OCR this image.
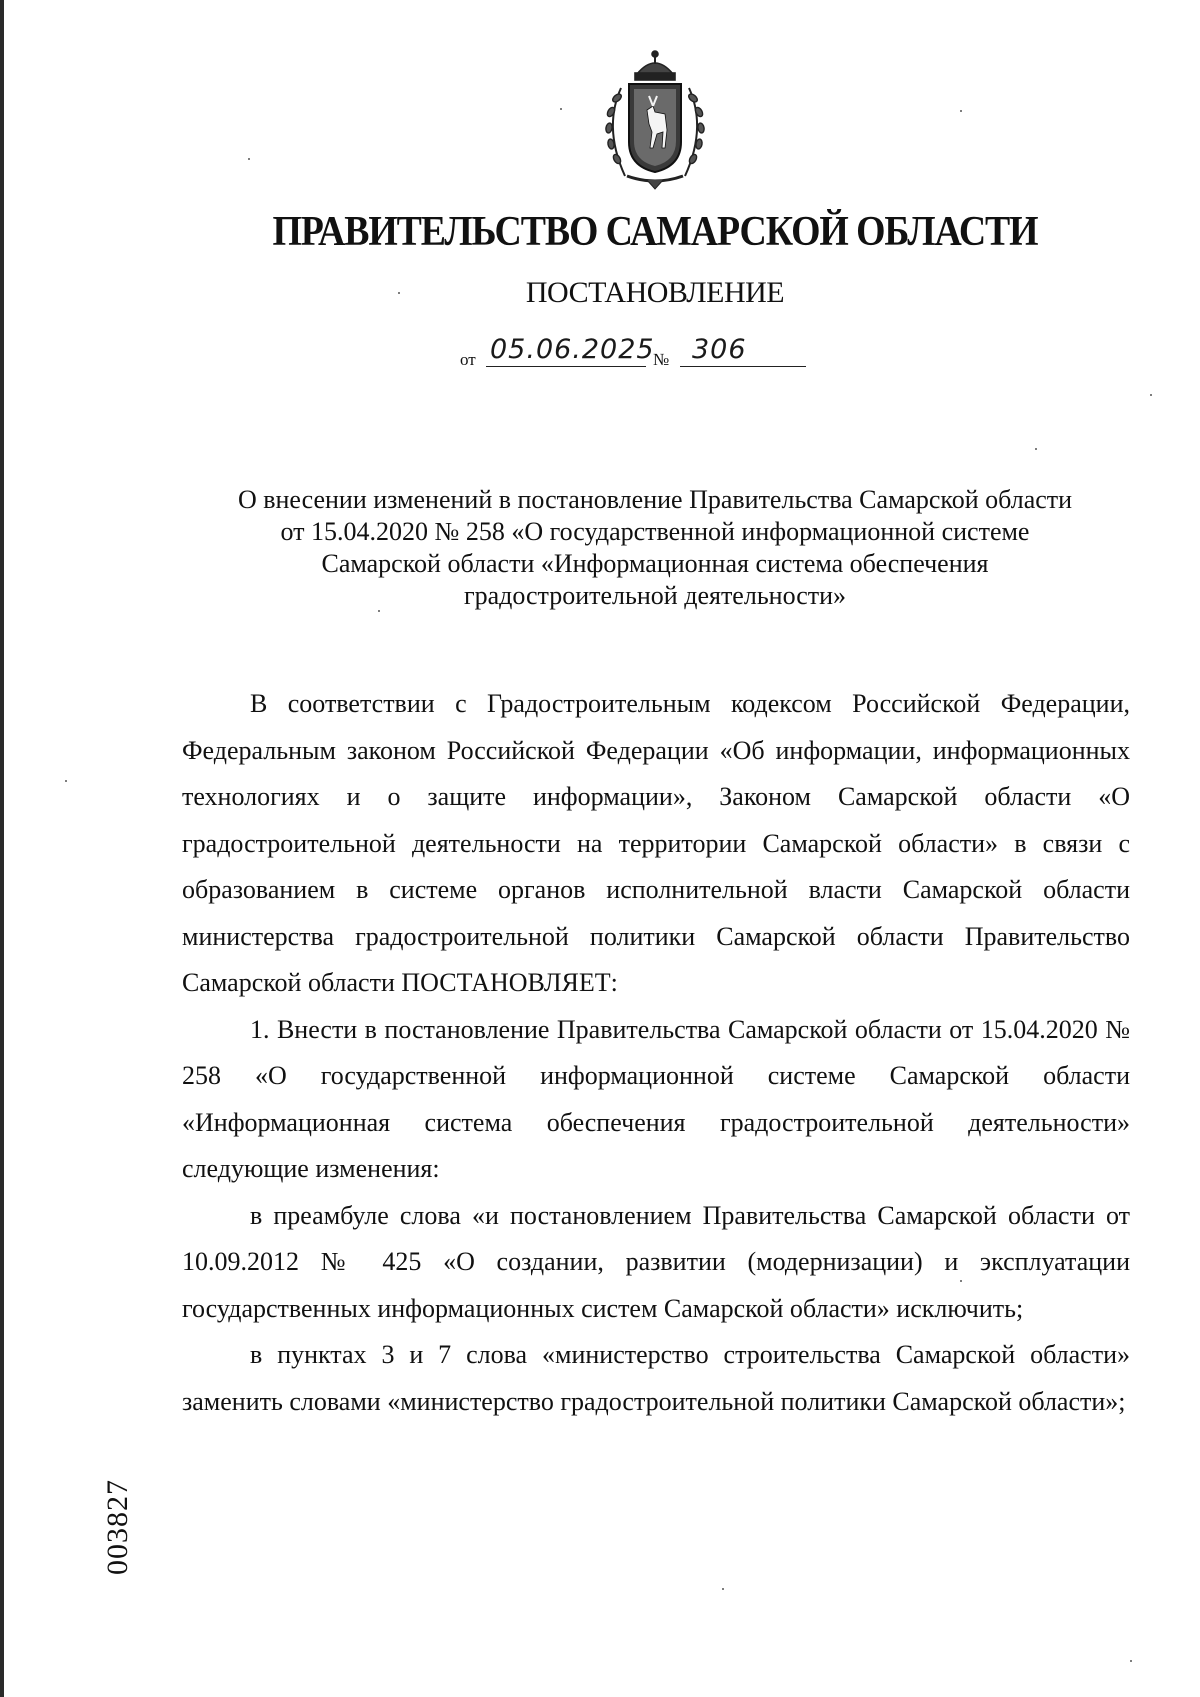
ПРАВИТЕЛЬСТВО САМАРСКОЙ ОБЛАСТИ
ПОСТАНОВЛЕНИЕ
от 05.06.2025
№ 306
О внесении изменений в постановление Правительства Самарской области
от 15.04.2020 № 258 «О государственной информационной системе
Самарской области «Информационная система обеспечения
градостроительной деятельности»

В соответствии с Градостроительным кодексом Российской Федерации, Федеральным законом Российской Федерации «Об информации, информационных технологиях и о защите информации», Законом Самарской области «О градостроительной деятельности на территории Самарской области» в связи с образованием в системе органов исполнительной власти Самарской области министерства градостроительной политики Самарской области Правительство Самарской области ПОСТАНОВЛЯЕТ:

1. Внести в постановление Правительства Самарской области от 15.04.2020 № 258 «О государственной информационной системе Самарской области «Информационная система обеспечения градостроительной деятельности» следующие изменения:

в преамбуле слова «и постановлением Правительства Самарской области от 10.09.2012 № 425 «О создании, развитии (модернизации) и эксплуатации государственных информационных систем Самарской области» исключить;

в пунктах 3 и 7 слова «министерство строительства Самарской области» заменить словами «министерство градостроительной политики Самарской области»;

003827
